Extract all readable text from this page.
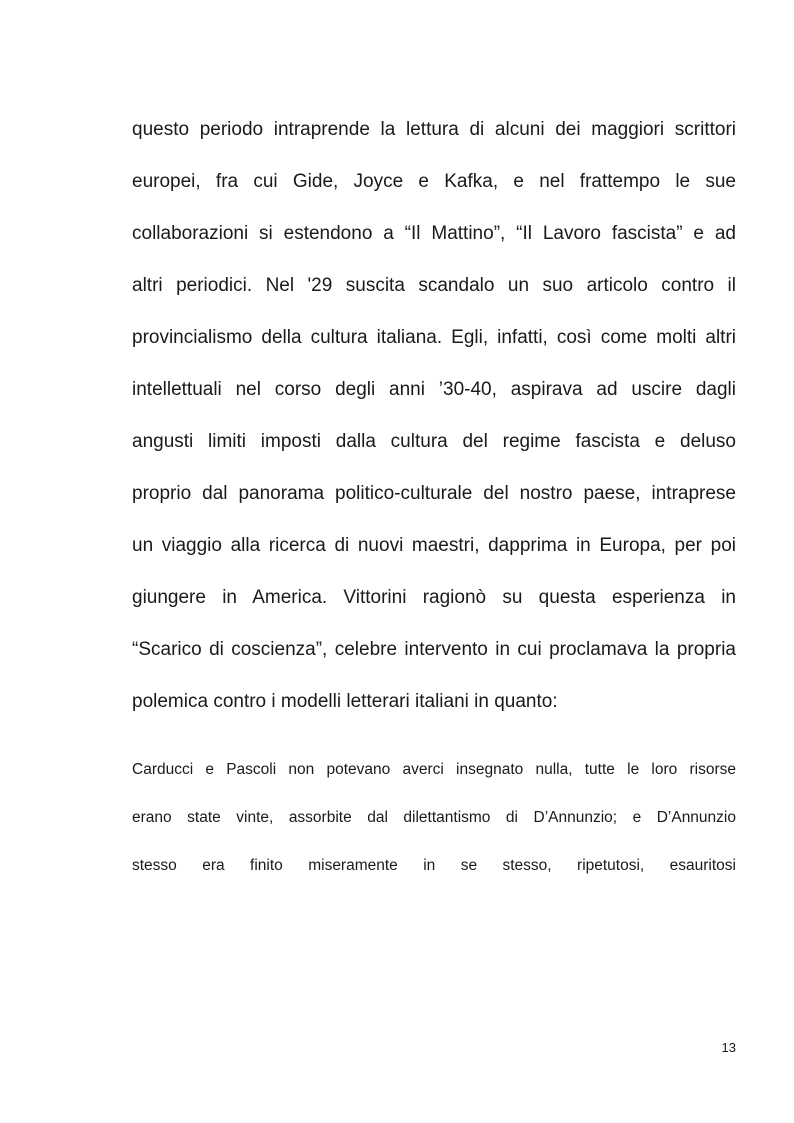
questo periodo intraprende la lettura di alcuni dei maggiori scrittori
europei, fra cui Gide, Joyce e Kafka, e nel frattempo le sue
collaborazioni si estendono a “Il Mattino”, “Il Lavoro fascista” e ad
altri periodici. Nel '29 suscita scandalo un suo articolo contro il
provincialismo della cultura italiana. Egli, infatti, così come molti altri
intellettuali nel corso degli anni ’30-40, aspirava ad uscire dagli
angusti limiti imposti dalla cultura del regime fascista e deluso
proprio dal panorama politico-culturale del nostro paese, intraprese
un viaggio alla ricerca di nuovi maestri, dapprima in Europa, per poi
giungere in America. Vittorini ragionò su questa esperienza in
“Scarico di coscienza”, celebre intervento in cui proclamava la propria
polemica contro i modelli letterari italiani in quanto:
Carducci e Pascoli non potevano averci insegnato nulla, tutte le loro risorse
erano state vinte, assorbite dal dilettantismo di D’Annunzio; e D’Annunzio
stesso era finito miseramente in se stesso, ripetutosi, esauritosi
13
